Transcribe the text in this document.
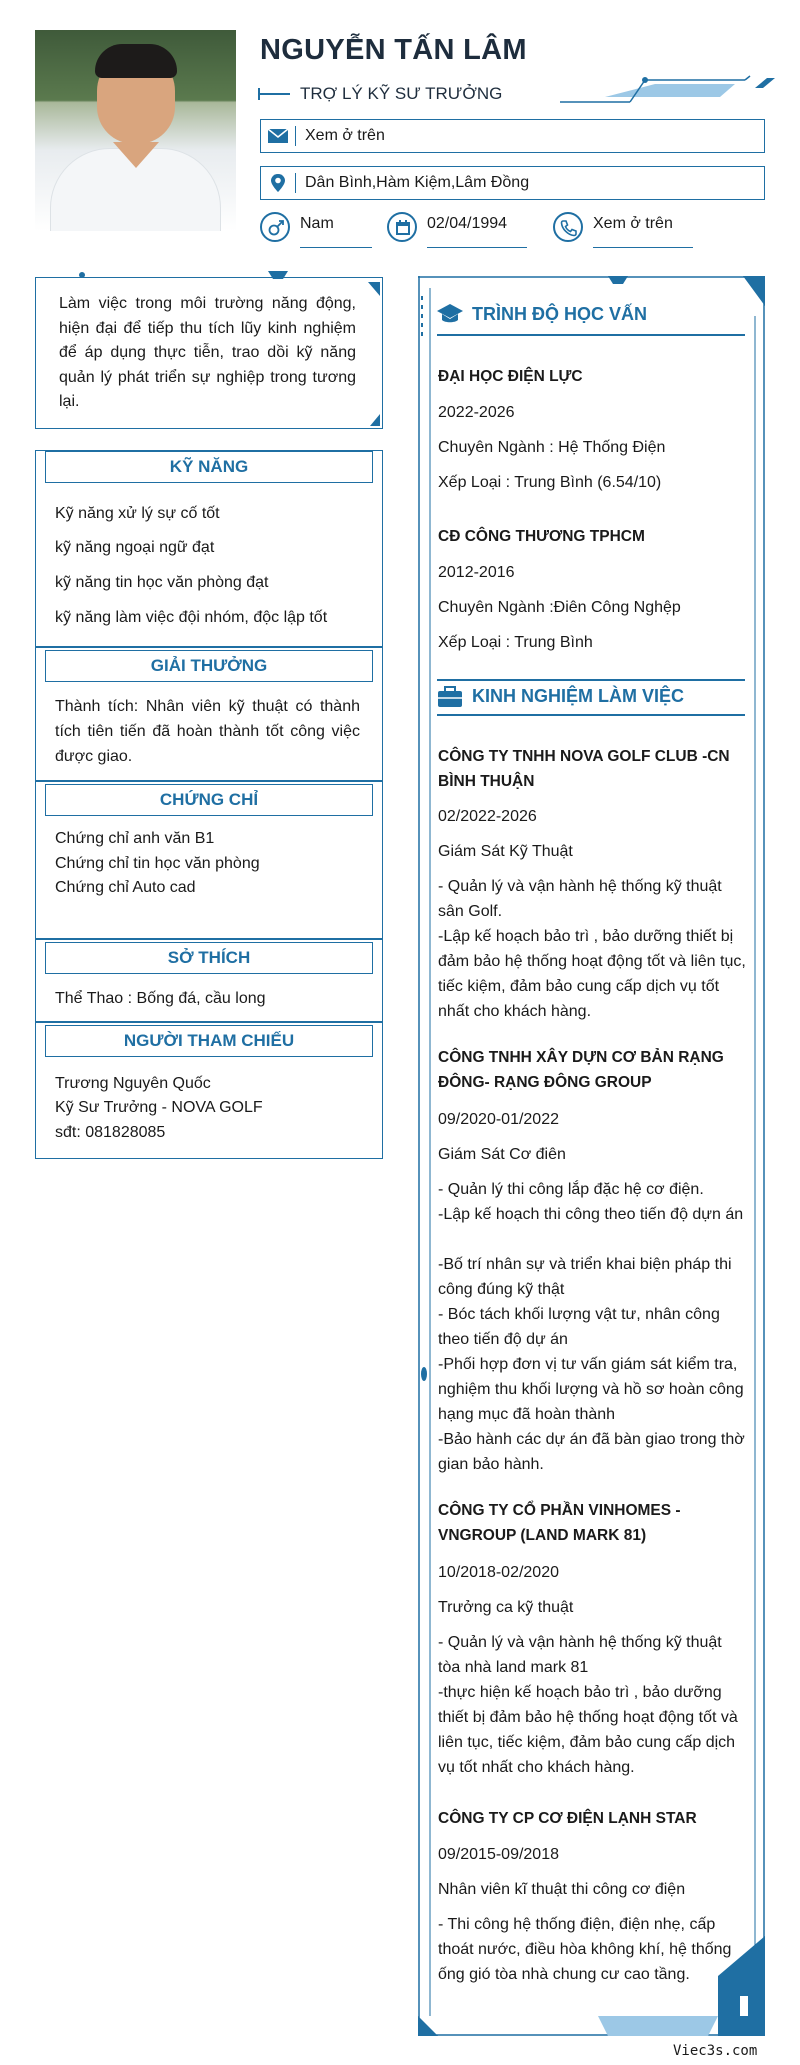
NGUYỄN TẤN LÂM
TRỢ LÝ KỸ SƯ TRƯỞNG
Xem ở trên
Dân Bình,Hàm Kiệm,Lâm Đồng
Nam	02/04/1994	Xem ở trên
Làm việc trong môi trường năng động, hiện đại để tiếp thu tích lũy kinh nghiệm để áp dụng thực tiễn, trao dồi kỹ năng quản lý phát triển sự nghiệp trong tương lại.
KỸ NĂNG
Kỹ năng xử lý sự cố tốt
kỹ năng ngoại ngữ đạt
kỹ năng tin học văn phòng đạt
kỹ năng làm việc đội nhóm, độc lập tốt
GIẢI THƯỞNG
Thành tích: Nhân viên kỹ thuật có thành tích tiên tiến đã hoàn thành tốt công việc được giao.
CHỨNG CHỈ
Chứng chỉ anh văn B1
Chứng chỉ tin học văn phòng
Chứng chỉ Auto cad
SỞ THÍCH
Thể Thao : Bống đá, cầu long
NGƯỜI THAM CHIẾU
Trương Nguyên Quốc
Kỹ Sư Trưởng - NOVA GOLF
sđt: 081828085
TRÌNH ĐỘ HỌC VẤN
ĐẠI HỌC ĐIỆN LỰC
2022-2026
Chuyên Ngành : Hệ Thống Điện
Xếp Loại : Trung Bình (6.54/10)
CĐ CÔNG THƯƠNG TPHCM
2012-2016
Chuyên Ngành :Điên Công Nghệp
Xếp Loại : Trung Bình
KINH NGHIỆM LÀM VIỆC
CÔNG TY TNHH NOVA GOLF CLUB -CN BÌNH THUẬN
02/2022-2026
Giám Sát Kỹ Thuật
- Quản lý và vận hành hệ thống kỹ thuật sân Golf.
-Lập kế hoạch bảo trì , bảo dưỡng thiết bị đảm bảo hệ thống hoạt động tốt và liên tục, tiếc kiệm, đảm bảo cung cấp dịch vụ tốt nhất cho khách hàng.
CÔNG TNHH XÂY DỰN CƠ BẢN RẠNG ĐÔNG- RẠNG ĐÔNG GROUP
09/2020-01/2022
Giám Sát Cơ điên
- Quản lý thi công lắp đặc hệ cơ điện.
-Lập kế hoạch thi công theo tiến độ dựn án
-Bố trí nhân sự và triển khai biện pháp thi công đúng kỹ thật
- Bóc tách khối lượng vật tư, nhân công theo tiến độ dự án
-Phối hợp đơn vị tư vấn giám sát kiểm tra, nghiệm thu khối lượng và hồ sơ hoàn công hạng mục đã hoàn thành
-Bảo hành các dự án đã bàn giao trong thờ gian bảo hành.
CÔNG TY CỔ PHẦN VINHOMES - VNGROUP (LAND MARK 81)
10/2018-02/2020
Trưởng ca kỹ thuật
- Quản lý và vận hành hệ thống kỹ thuật tòa nhà land mark 81
-thực hiện kế hoạch bảo trì , bảo dưỡng thiết bị đảm bảo hệ thống hoạt động tốt và liên tục, tiếc kiệm, đảm bảo cung cấp dịch vụ tốt nhất cho khách hàng.
CÔNG TY CP CƠ ĐIỆN LẠNH STAR
09/2015-09/2018
Nhân viên kĩ thuật thi công cơ điện
- Thi công hệ thống điện, điện nhẹ, cấp thoát nước, điều hòa không khí, hệ thống ống gió tòa nhà chung cư cao tầng.
Viec3s.com
